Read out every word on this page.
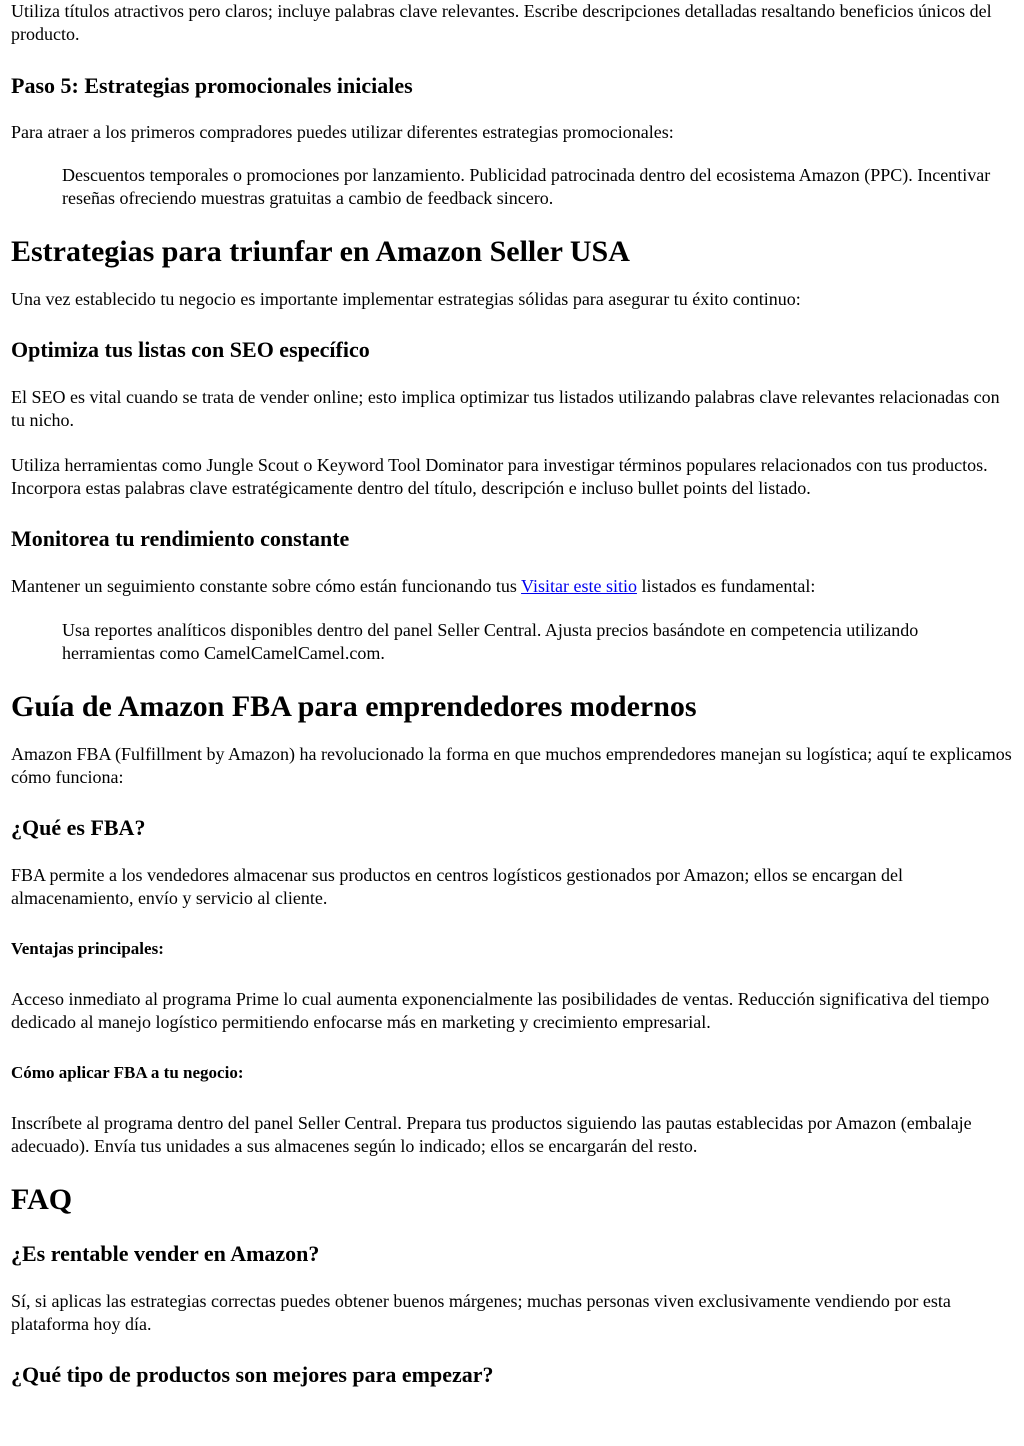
Utiliza títulos atractivos pero claros; incluye palabras clave relevantes. Escribe descripciones detalladas resaltando beneficios únicos del producto.

Paso 5: Estrategias promocionales iniciales

Para atraer a los primeros compradores puedes utilizar diferentes estrategias promocionales:

Descuentos temporales o promociones por lanzamiento. Publicidad patrocinada dentro del ecosistema Amazon (PPC). Incentivar reseñas ofreciendo muestras gratuitas a cambio de feedback sincero.
Estrategias para triunfar en Amazon Seller USA

Una vez establecido tu negocio es importante implementar estrategias sólidas para asegurar tu éxito continuo:

Optimiza tus listas con SEO específico

El SEO es vital cuando se trata de vender online; esto implica optimizar tus listados utilizando palabras clave relevantes relacionadas con tu nicho.

Utiliza herramientas como Jungle Scout o Keyword Tool Dominator para investigar términos populares relacionados con tus productos. Incorpora estas palabras clave estratégicamente dentro del título, descripción e incluso bullet points del listado.

Monitorea tu rendimiento constante

Mantener un seguimiento constante sobre cómo están funcionando tus Visitar este sitio listados es fundamental:

Usa reportes analíticos disponibles dentro del panel Seller Central. Ajusta precios basándote en competencia utilizando herramientas como CamelCamelCamel.com.
Guía de Amazon FBA para emprendedores modernos

Amazon FBA (Fulfillment by Amazon) ha revolucionado la forma en que muchos emprendedores manejan su logística; aquí te explicamos cómo funciona:

¿Qué es FBA?

FBA permite a los vendedores almacenar sus productos en centros logísticos gestionados por Amazon; ellos se encargan del almacenamiento, envío y servicio al cliente.

Ventajas principales:

Acceso inmediato al programa Prime lo cual aumenta exponencialmente las posibilidades de ventas. Reducción significativa del tiempo dedicado al manejo logístico permitiendo enfocarse más en marketing y crecimiento empresarial.

Cómo aplicar FBA a tu negocio:

Inscríbete al programa dentro del panel Seller Central. Prepara tus productos siguiendo las pautas establecidas por Amazon (embalaje adecuado). Envía tus unidades a sus almacenes según lo indicado; ellos se encargarán del resto.

FAQ
¿Es rentable vender en Amazon?

Sí, si aplicas las estrategias correctas puedes obtener buenos márgenes; muchas personas viven exclusivamente vendiendo por esta plataforma hoy día.

¿Qué tipo de productos son mejores para empezar?
